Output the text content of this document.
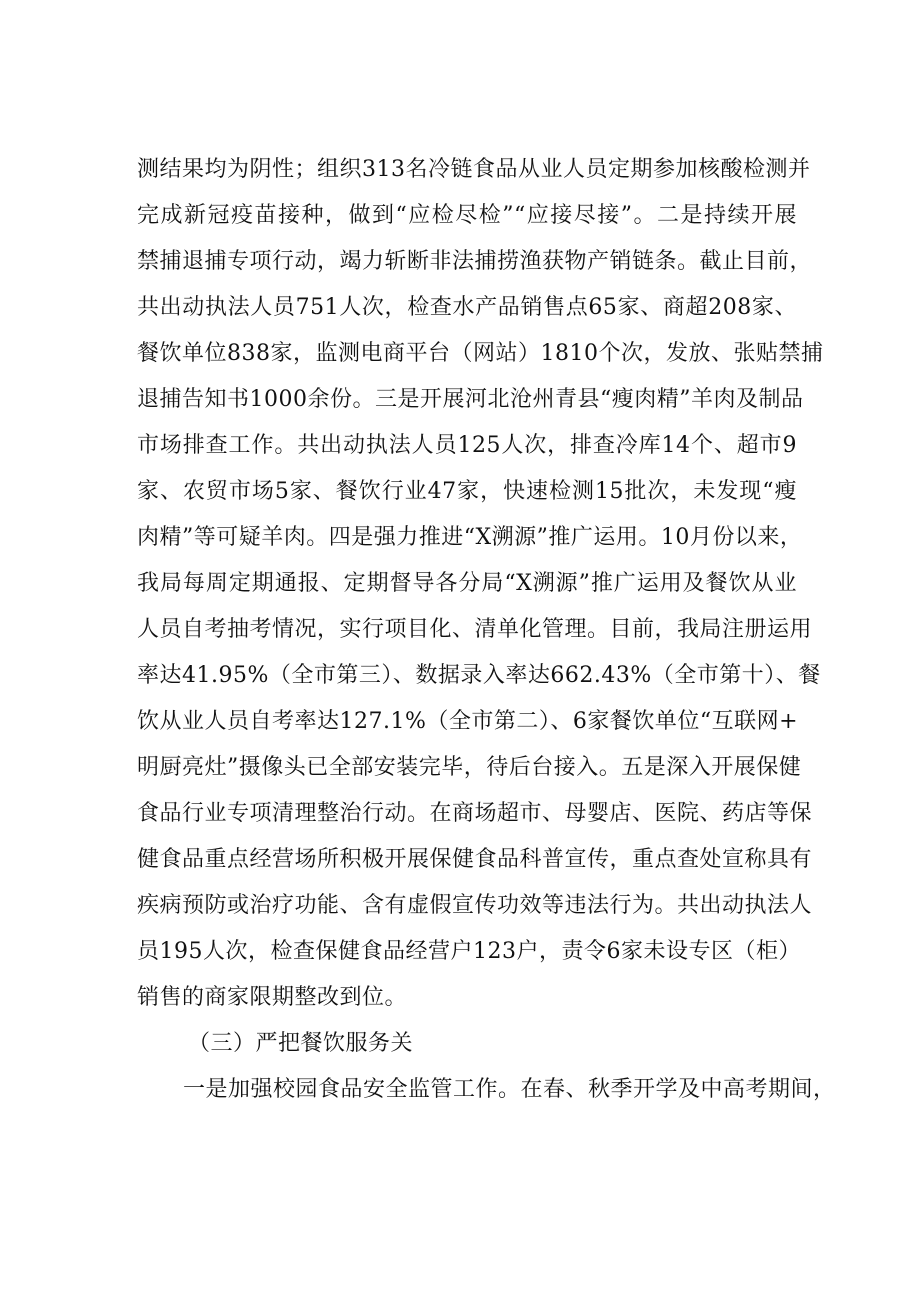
测结果均为阴性；组织313名冷链食品从业人员定期参加核酸检测并
完成新冠疫苗接种，做到“应检尽检”“应接尽接”。二是持续开展
禁捕退捕专项行动，竭力斩断非法捕捞渔获物产销链条。截止目前，
共出动执法人员751人次，检查水产品销售点65家、商超208家、
餐饮单位838家，监测电商平台（网站）1810个次，发放、张贴禁捕
退捕告知书1000余份。三是开展河北沧州青县“瘦肉精”羊肉及制品
市场排查工作。共出动执法人员125人次，排查冷库14个、超市9
家、农贸市场5家、餐饮行业47家，快速检测15批次，未发现“瘦
肉精”等可疑羊肉。四是强力推进“X溯源”推广运用。10月份以来，
我局每周定期通报、定期督导各分局“X溯源”推广运用及餐饮从业
人员自考抽考情况，实行项目化、清单化管理。目前，我局注册运用
率达41.95%（全市第三）、数据录入率达662.43%（全市第十）、餐
饮从业人员自考率达127.1%（全市第二）、6家餐饮单位“互联网+
明厨亮灶”摄像头已全部安装完毕，待后台接入。五是深入开展保健
食品行业专项清理整治行动。在商场超市、母婴店、医院、药店等保
健食品重点经营场所积极开展保健食品科普宣传，重点查处宣称具有
疾病预防或治疗功能、含有虚假宣传功效等违法行为。共出动执法人
员195人次，检查保健食品经营户123户，责令6家未设专区（柜）
销售的商家限期整改到位。
（三）严把餐饮服务关
一是加强校园食品安全监管工作。在春、秋季开学及中高考期间，
